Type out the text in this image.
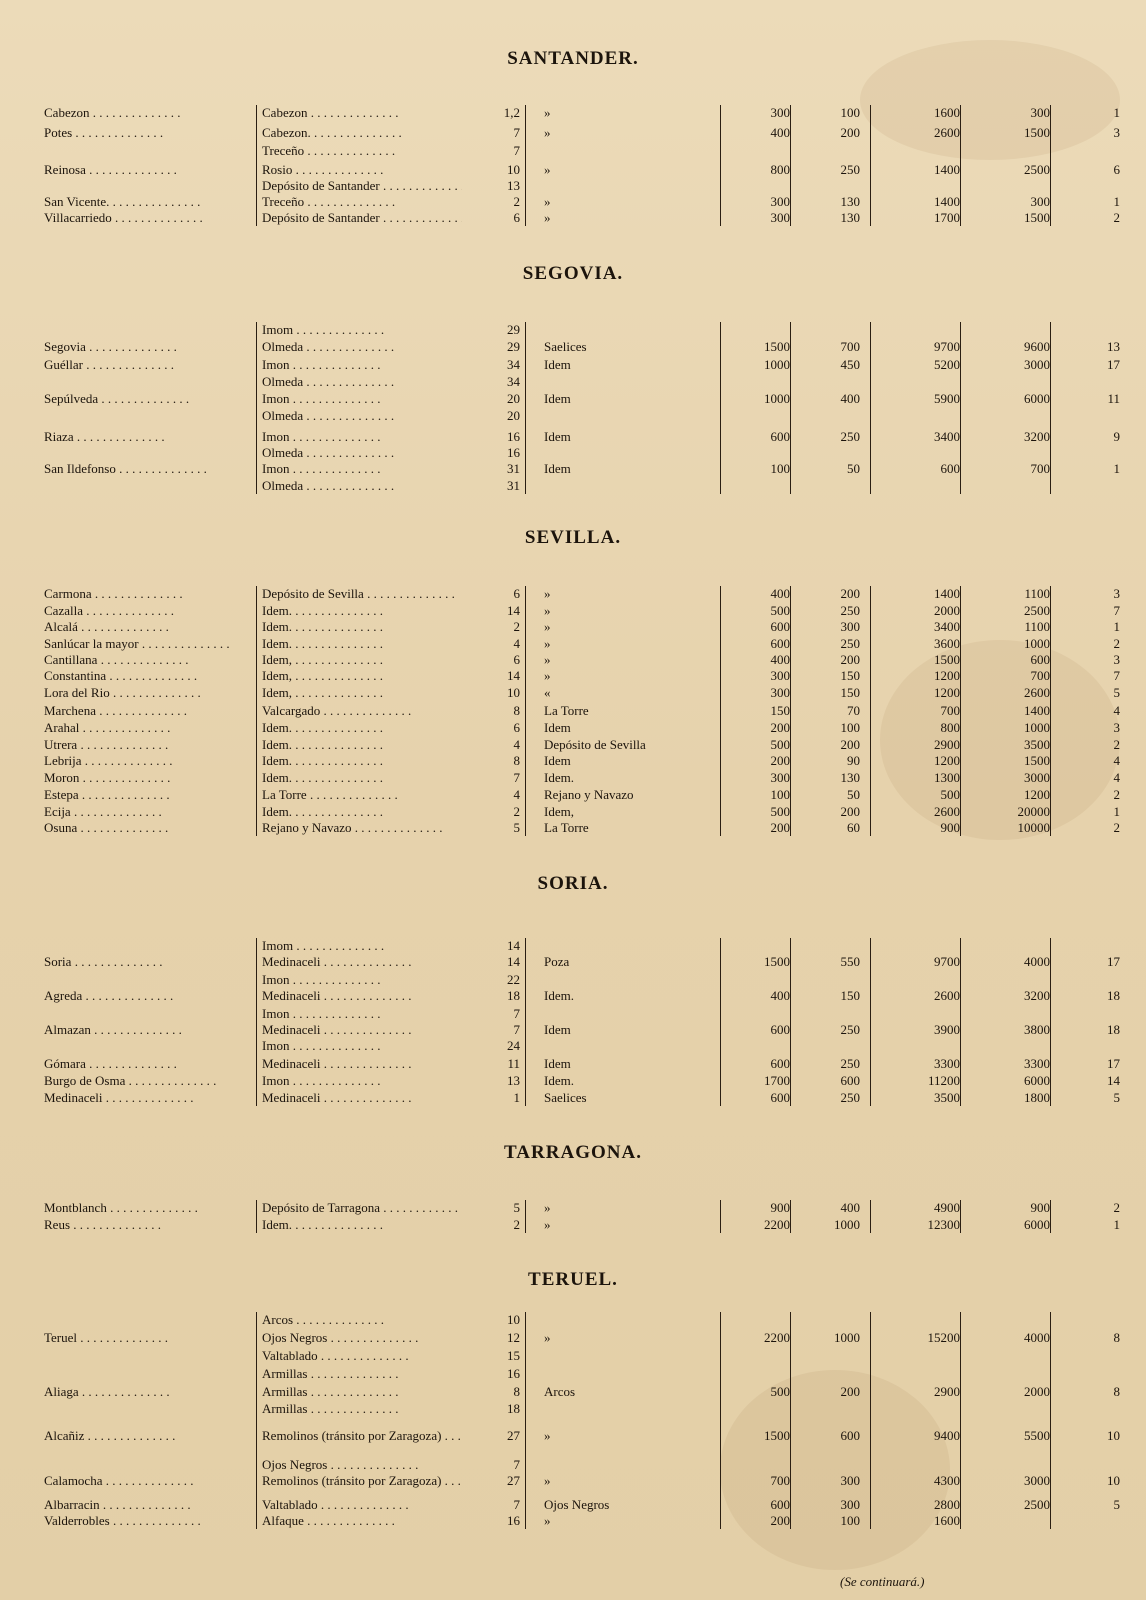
SANTANDER.
Cabezon . . .	Cabezon . . .	1,2 »	300	100	1600	300	1
Potes . . .	Cabezon. . . .	7 »	400	200	2600	1500	3
Treceño . . .	7
Reinosa . . .	Rosio . . .	10 »	800	250	1400	2500	6
Depósito de Santander . . .	13
San Vicente. . . .	Treceño . . .	2 »	300	130	1400	300	1
Villacarriedo . . .	Depósito de Santander . . .	6 »	300	130	1700	1500	2
SEGOVIA.
Imom . . .	29
Segovia . . .	Olmeda . . .	29 Saelices	1500	700	9700	9600	13
Guéllar . . .	Imon . . .	34 Idem	1000	450	5200	3000	17
Olmeda . . .	34
Sepúlveda . . .	Imon . . .	20 Idem	1000	400	5900	6000	11
Olmeda . . .	20
Riaza . . .	Imon . . .	16 Idem	600	250	3400	3200	9
Olmeda . . .	16
San Ildefonso . . .	Imon . . .	31 Idem	100	50	600	700	1
Olmeda . . .	31
SEVILLA.
Carmona . . .	Depósito de Sevilla . . .	6 »	400	200	1400	1100	3
Cazalla . . .	Idem. . . .	14 »	500	250	2000	2500	7
Alcalá . . .	Idem. . . .	2 »	600	300	3400	1100	1
Sanlúcar la mayor . . .	Idem. . . .	4 »	600	250	3600	1000	2
Cantillana . . .	Idem, . . .	6 »	400	200	1500	600	3
Constantina . . .	Idem, . . .	14 »	300	150	1200	700	7
Lora del Rio . . .	Idem, . . .	10 «	300	150	1200	2600	5
Marchena . . .	Valcargado . . .	8 La Torre	150	70	700	1400	4
Arahal . . .	Idem. . . .	6 Idem	200	100	800	1000	3
Utrera . . .	Idem. . . .	4 Depósito de Sevilla	500	200	2900	3500	2
Lebrija . . .	Idem. . . .	8 Idem	200	90	1200	1500	4
Moron . . .	Idem. . . .	7 Idem.	300	130	1300	3000	4
Estepa . . .	La Torre . . .	4 Rejano y Navazo	100	50	500	1200	2
Ecija . . .	Idem. . . .	2 Idem,	500	200	2600	20000	1
Osuna . . .	Rejano y Navazo . . .	5 La Torre	200	60	900	10000	2
SORIA.
Imom . . .	14
Soria . . .	Medinaceli . . .	14 Poza	1500	550	9700	4000	17
Imon . . .	22
Agreda . . .	Medinaceli . . .	18 Idem.	400	150	2600	3200	18
Imon . . .	7
Almazan . . .	Medinaceli . . .	7 Idem	600	250	3900	3800	18
Imon . . .	24
Gómara . . .	Medinaceli . . .	11 Idem	600	250	3300	3300	17
Burgo de Osma . . .	Imon . . .	13 Idem.	1700	600	11200	6000	14
Medinaceli . . .	Medinaceli . . .	1 Saelices	600	250	3500	1800	5
TARRAGONA.
Montblanch . . .	Depósito de Tarragona . . .	5 »	900	400	4900	900	2
Reus . . .	Idem. . . .	2 »	2200	1000	12300	6000	1
TERUEL.
Arcos . . .	10
Teruel . . .	Ojos Negros . . .	12 »	2200	1000	15200	4000	8
Valtablado . . .	15
Armillas . . .	16
Aliaga . . .	Armillas . . .	8 Arcos	500	200	2900	2000	8
Armillas . . .	18
Alcañiz . . .	Remolinos (tránsito por Zaragoza) . . .	27 »	1500	600	9400	5500	10
Ojos Negros . . .	7
Calamocha . . .	Remolinos (tránsito por Zaragoza) . . .	27 »	700	300	4300	3000	10
Albarracin . . .	Valtablado . . .	7 Ojos Negros	600	300	2800	2500	5
Valderrobles . . .	Alfaque . . .	16 »	200	100	1600
(Se continuará.)
